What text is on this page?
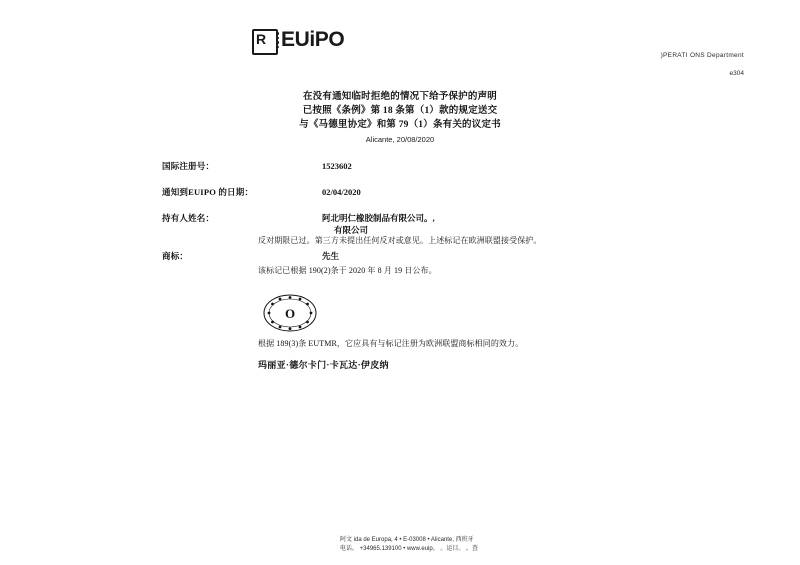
R EUiPO
)PERATI ONS Department
e304
在没有通知临时拒绝的情况下给予保护的声明
已按照《条例》第 18 条第（1）款的规定送交
与《马德里协定》和第 79（1）条有关的议定书
Alicante, 20/08/2020
国际注册号：	1523602
通知到EUIPO 的日期：	02/04/2020
持有人姓名：	阿北明仁橡胶制品有限公司。,
有限公司
商标：	先生
反对期限已过。第三方未提出任何反对或意见。上述标记在欧洲联盟接受保护。
该标记已根据 190(2)条于 2020 年 8 月 19 日公布。
O
根据 189(3)条 EUTMR，它应具有与标记注册为欧洲联盟商标相同的效力。
玛丽亚·德尔卡门·卡瓦达·伊皮纳
阿文 ida de Europa, 4 • E-03008 • Alicante, 西班牙
电话。 +34965.139100 • www.euip。 。运目。 。查
